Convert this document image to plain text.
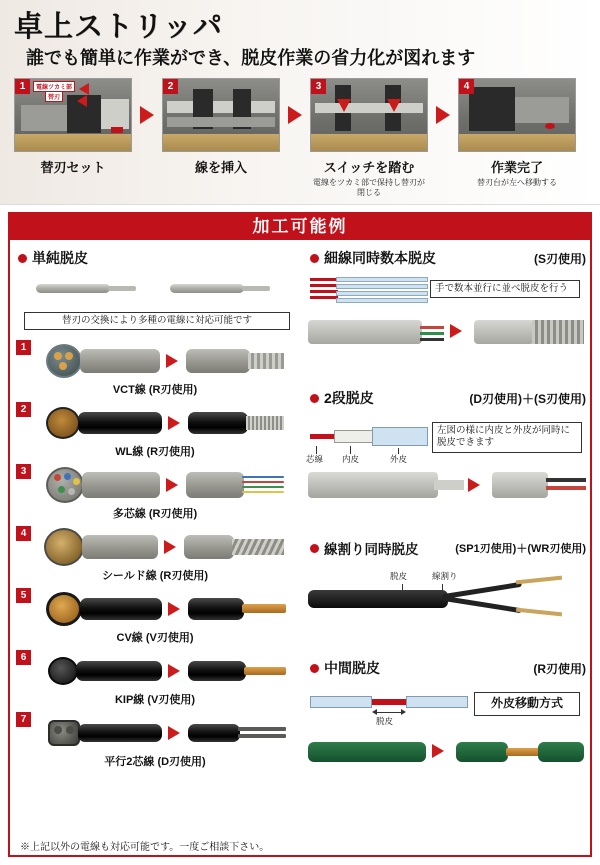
卓上ストリッパ
誰でも簡単に作業ができ、脱皮作業の省力化が図れます
電線ツカミ部
替刃
1
替刃セット
2
線を挿入
3
スイッチを踏む
電線をツカミ部で保持し替刃が閉じる
4
作業完了
替刃台が左へ移動する
加工可能例
単純脱皮
替刃の交換により多種の電線に対応可能です
1
VCT線 (R刃使用)
2
WL線 (R刃使用)
3
多芯線 (R刃使用)
4
シールド線 (R刃使用)
5
CV線 (V刃使用)
6
KIP線 (V刃使用)
7
平行2芯線 (D刃使用)
※上記以外の電線も対応可能です。一度ご相談下さい。
細線同時数本脱皮	(S刃使用)
手で数本並行に並べ脱皮を行う
2段脱皮	(D刃使用)＋(S刃使用)
芯線 内皮	外皮
左図の様に内皮と外皮が同時に脱皮できます
線割り同時脱皮	(SP1刃使用)＋(WR刃使用)
脱皮	線割り
中間脱皮	(R刃使用)
脱皮
外皮移動方式
